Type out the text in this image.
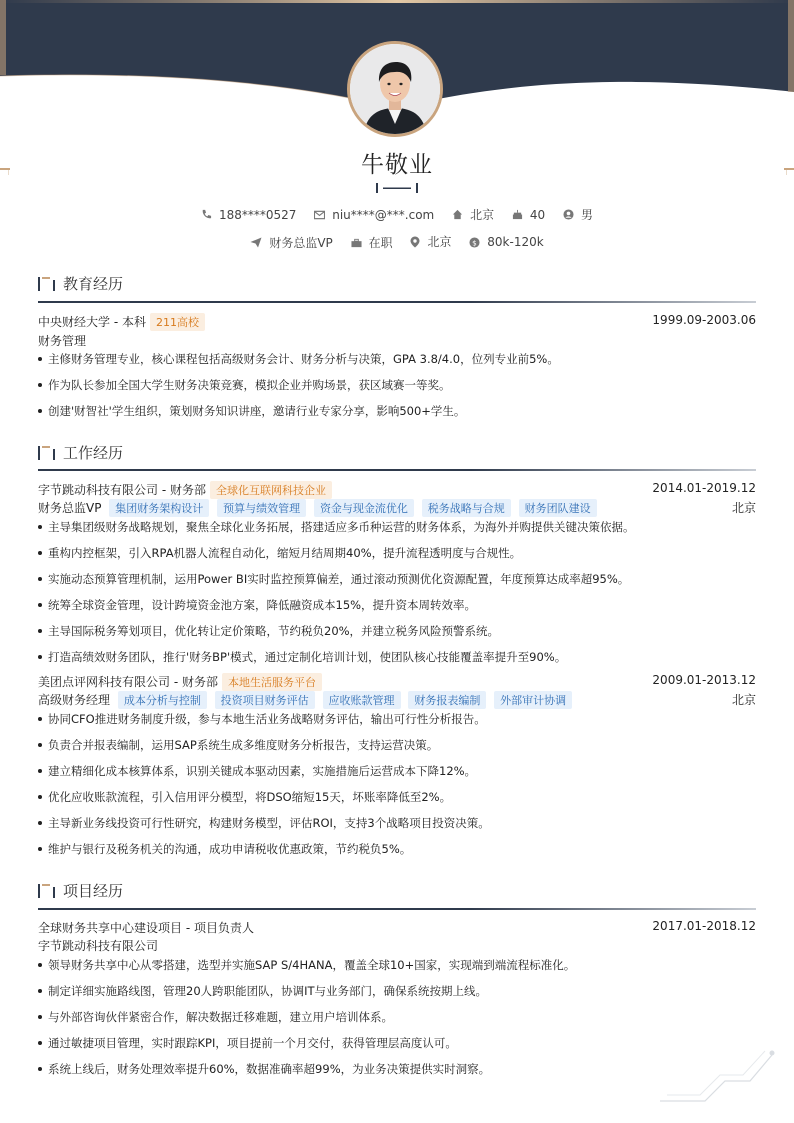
牛敬业
188****0527
	niu****@***.com
	北京
	40
	男
财务总监VP
	在职
	北京
	$ 80k-120k
教育经历
中央财经大学 - 本科 211高校	1999.09-2003.06
财务管理
主修财务管理专业，核心课程包括高级财务会计、财务分析与决策，GPA 3.8/4.0，位列专业前5%。
作为队长参加全国大学生财务决策竞赛，模拟企业并购场景，获区域赛一等奖。
创建'财智社'学生组织，策划财务知识讲座，邀请行业专家分享，影响500+学生。
工作经历
字节跳动科技有限公司 - 财务部 全球化互联网科技企业	2014.01-2019.12
财务总监VP 集团财务架构设计 预算与绩效管理 资金与现金流优化 税务战略与合规 财务团队建设	北京
主导集团级财务战略规划，聚焦全球化业务拓展，搭建适应多币种运营的财务体系，为海外并购提供关键决策依据。
重构内控框架，引入RPA机器人流程自动化，缩短月结周期40%，提升流程透明度与合规性。
实施动态预算管理机制，运用Power BI实时监控预算偏差，通过滚动预测优化资源配置，年度预算达成率超95%。
统筹全球资金管理，设计跨境资金池方案，降低融资成本15%，提升资本周转效率。
主导国际税务筹划项目，优化转让定价策略，节约税负20%，并建立税务风险预警系统。
打造高绩效财务团队，推行'财务BP'模式，通过定制化培训计划，使团队核心技能覆盖率提升至90%。
美团点评网科技有限公司 - 财务部 本地生活服务平台	2009.01-2013.12
高级财务经理 成本分析与控制 投资项目财务评估 应收账款管理 财务报表编制 外部审计协调	北京
协同CFO推进财务制度升级，参与本地生活业务战略财务评估，输出可行性分析报告。
负责合并报表编制，运用SAP系统生成多维度财务分析报告，支持运营决策。
建立精细化成本核算体系，识别关键成本驱动因素，实施措施后运营成本下降12%。
优化应收账款流程，引入信用评分模型，将DSO缩短15天，坏账率降低至2%。
主导新业务线投资可行性研究，构建财务模型，评估ROI，支持3个战略项目投资决策。
维护与银行及税务机关的沟通，成功申请税收优惠政策，节约税负5%。
项目经历
全球财务共享中心建设项目 - 项目负责人	2017.01-2018.12
字节跳动科技有限公司
领导财务共享中心从零搭建，选型并实施SAP S/4HANA，覆盖全球10+国家，实现端到端流程标准化。
制定详细实施路线图，管理20人跨职能团队，协调IT与业务部门，确保系统按期上线。
与外部咨询伙伴紧密合作，解决数据迁移难题，建立用户培训体系。
通过敏捷项目管理，实时跟踪KPI，项目提前一个月交付，获得管理层高度认可。
系统上线后，财务处理效率提升60%，数据准确率超99%，为业务决策提供实时洞察。
